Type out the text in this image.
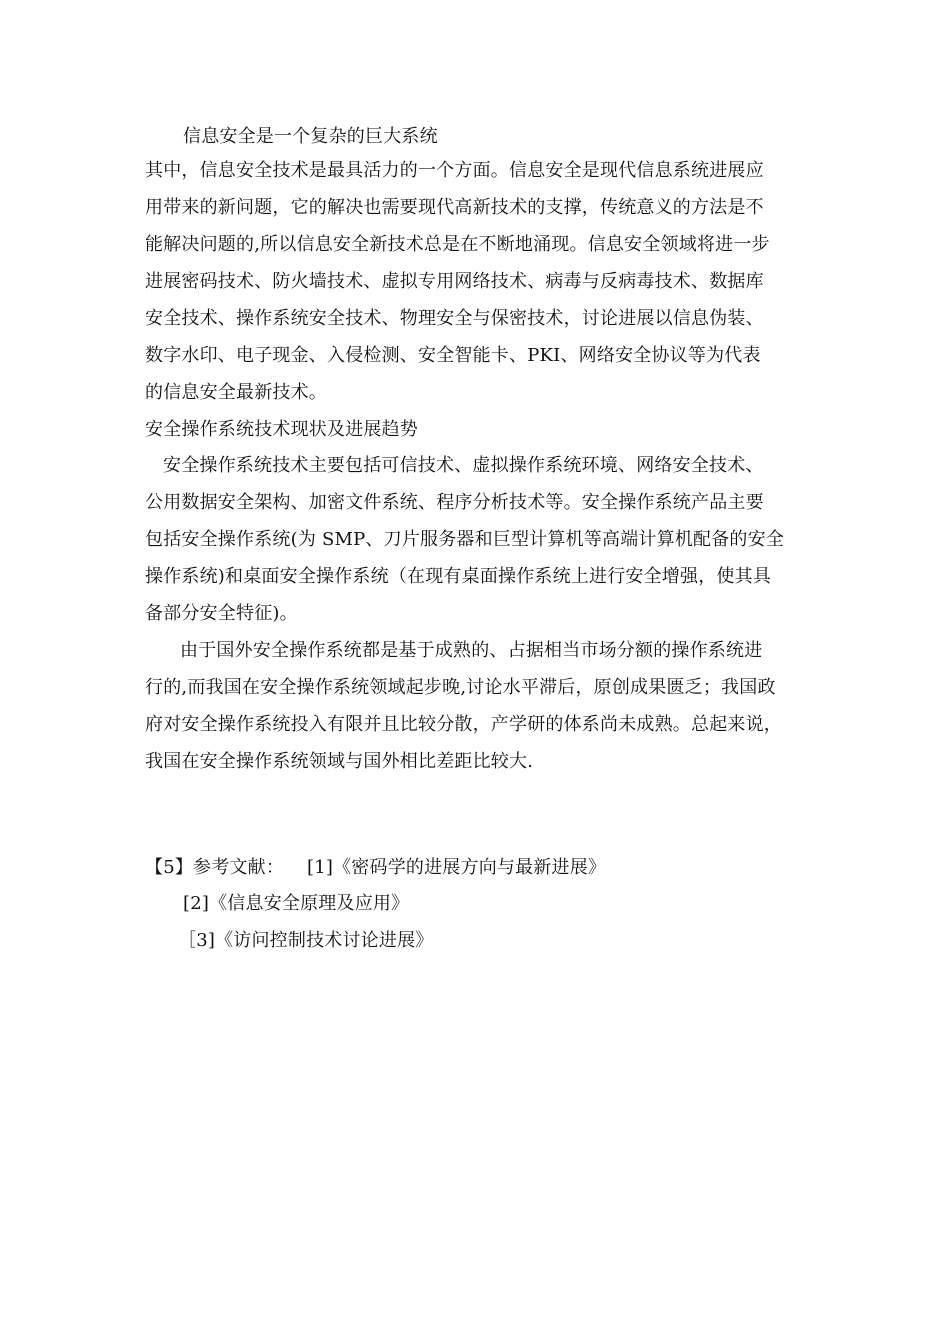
信息安全是一个复杂的巨大系统
其中，信息安全技术是最具活力的一个方面。信息安全是现代信息系统进展应
用带来的新问题，它的解决也需要现代高新技术的支撑，传统意义的方法是不
能解决问题的,所以信息安全新技术总是在不断地涌现。信息安全领域将进一步
进展密码技术、防火墙技术、虚拟专用网络技术、病毒与反病毒技术、数据库
安全技术、操作系统安全技术、物理安全与保密技术，讨论进展以信息伪装、
数字水印、电子现金、入侵检测、安全智能卡、PKI、网络安全协议等为代表
的信息安全最新技术。
安全操作系统技术现状及进展趋势
安全操作系统技术主要包括可信技术、虚拟操作系统环境、网络安全技术、
公用数据安全架构、加密文件系统、程序分析技术等。安全操作系统产品主要
包括安全操作系统(为 SMP、刀片服务器和巨型计算机等高端计算机配备的安全
操作系统)和桌面安全操作系统（在现有桌面操作系统上进行安全增强，使其具
备部分安全特征)。
由于国外安全操作系统都是基于成熟的、占据相当市场分额的操作系统进
行的,而我国在安全操作系统领域起步晚,讨论水平滞后，原创成果匮乏；我国政
府对安全操作系统投入有限并且比较分散，产学研的体系尚未成熟。总起来说，
我国在安全操作系统领域与国外相比差距比较大.
【5】参考文献： [1]《密码学的进展方向与最新进展》
[2]《信息安全原理及应用》
［3]《访问控制技术讨论进展》
